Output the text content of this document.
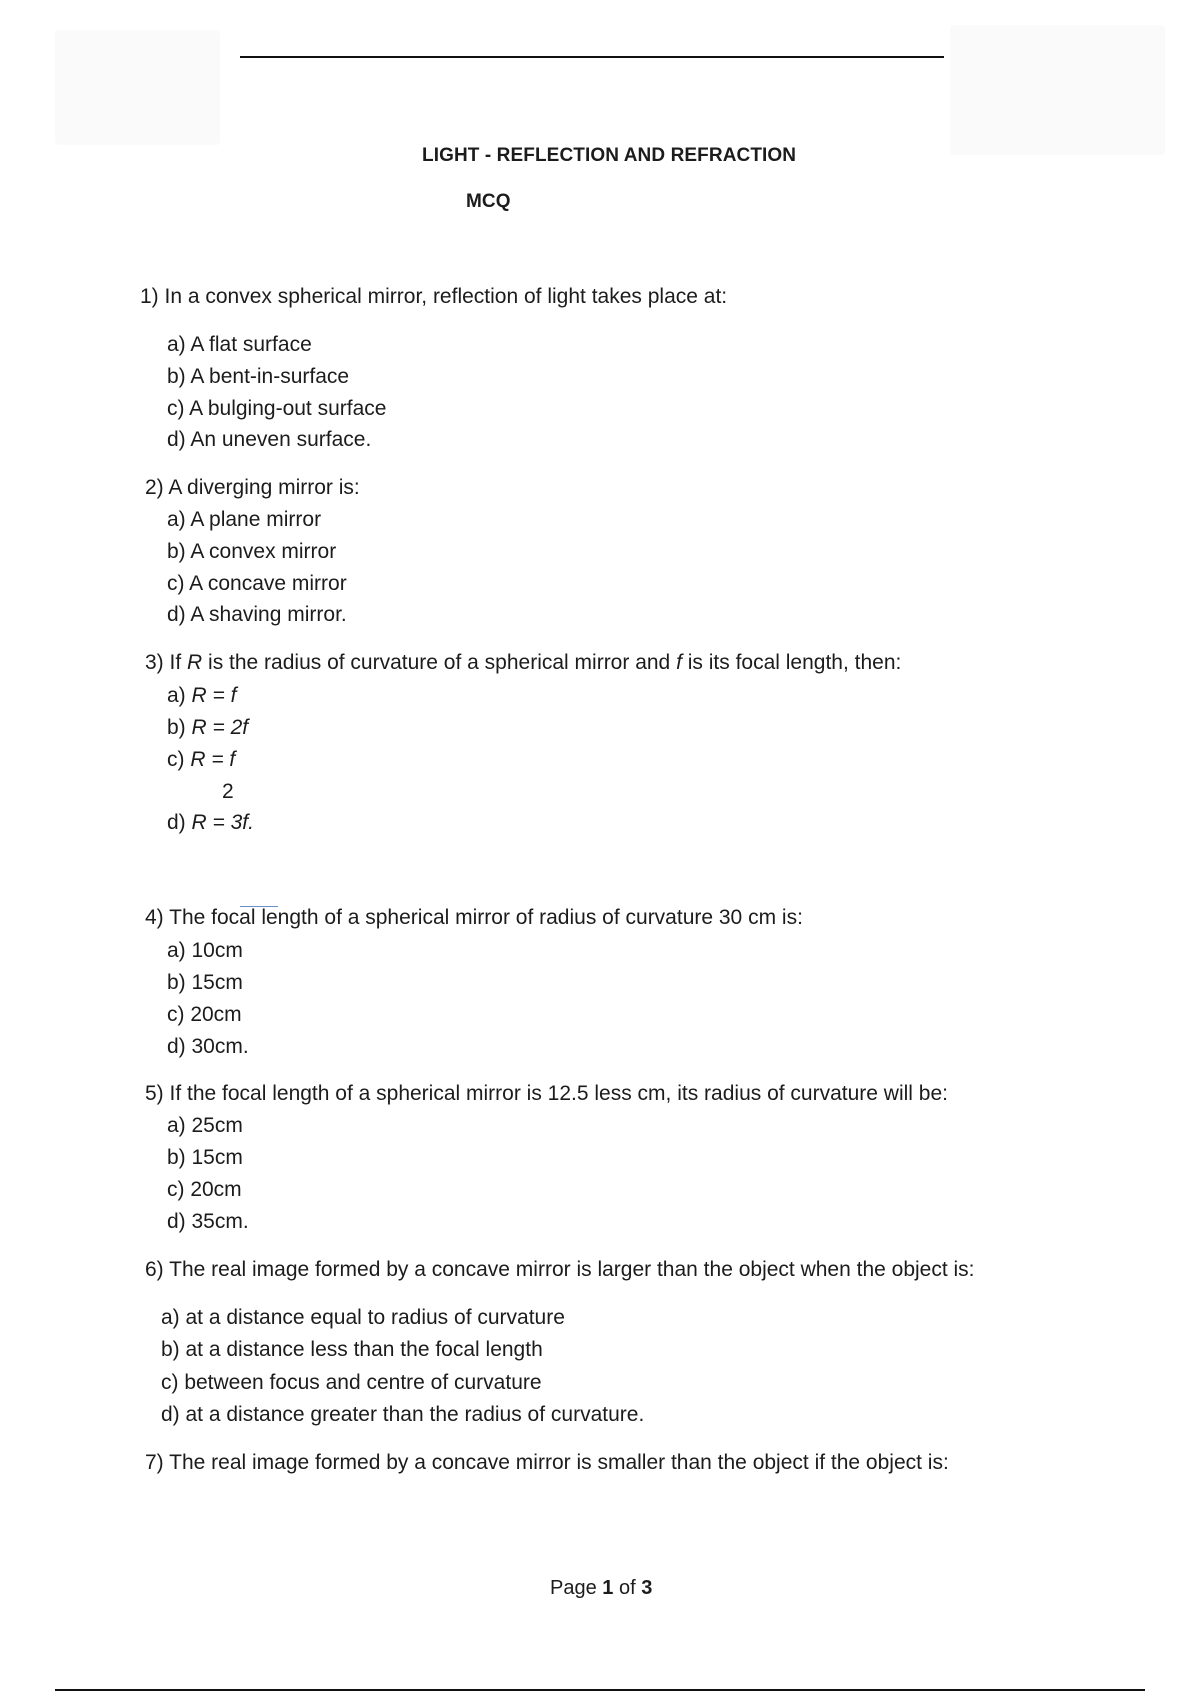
LIGHT - REFLECTION AND REFRACTION

MCQ

1) In a convex spherical mirror, reflection of light takes place at:

a) A flat surface

b) A bent-in-surface

c) A bulging-out surface

d) An uneven surface.

2) A diverging mirror is:

a) A plane mirror

b) A convex mirror

c) A concave mirror

d) A shaving mirror.

3) If R is the radius of curvature of a spherical mirror and f is its focal length, then:

a) R = f

b) R = 2f

c) R = f

2

d) R = 3f.

4) The focal length of a spherical mirror of radius of curvature 30 cm is:

a) 10cm

b) 15cm

c) 20cm

d) 30cm.

5) If the focal length of a spherical mirror is 12.5 less cm, its radius of curvature will be:

a) 25cm

b) 15cm

c) 20cm

d) 35cm.

6) The real image formed by a concave mirror is larger than the object when the object is:

a) at a distance equal to radius of curvature

b) at a distance less than the focal length

c) between focus and centre of curvature

d) at a distance greater than the radius of curvature.

7) The real image formed by a concave mirror is smaller than the object if the object is:

Page 1 of 3
